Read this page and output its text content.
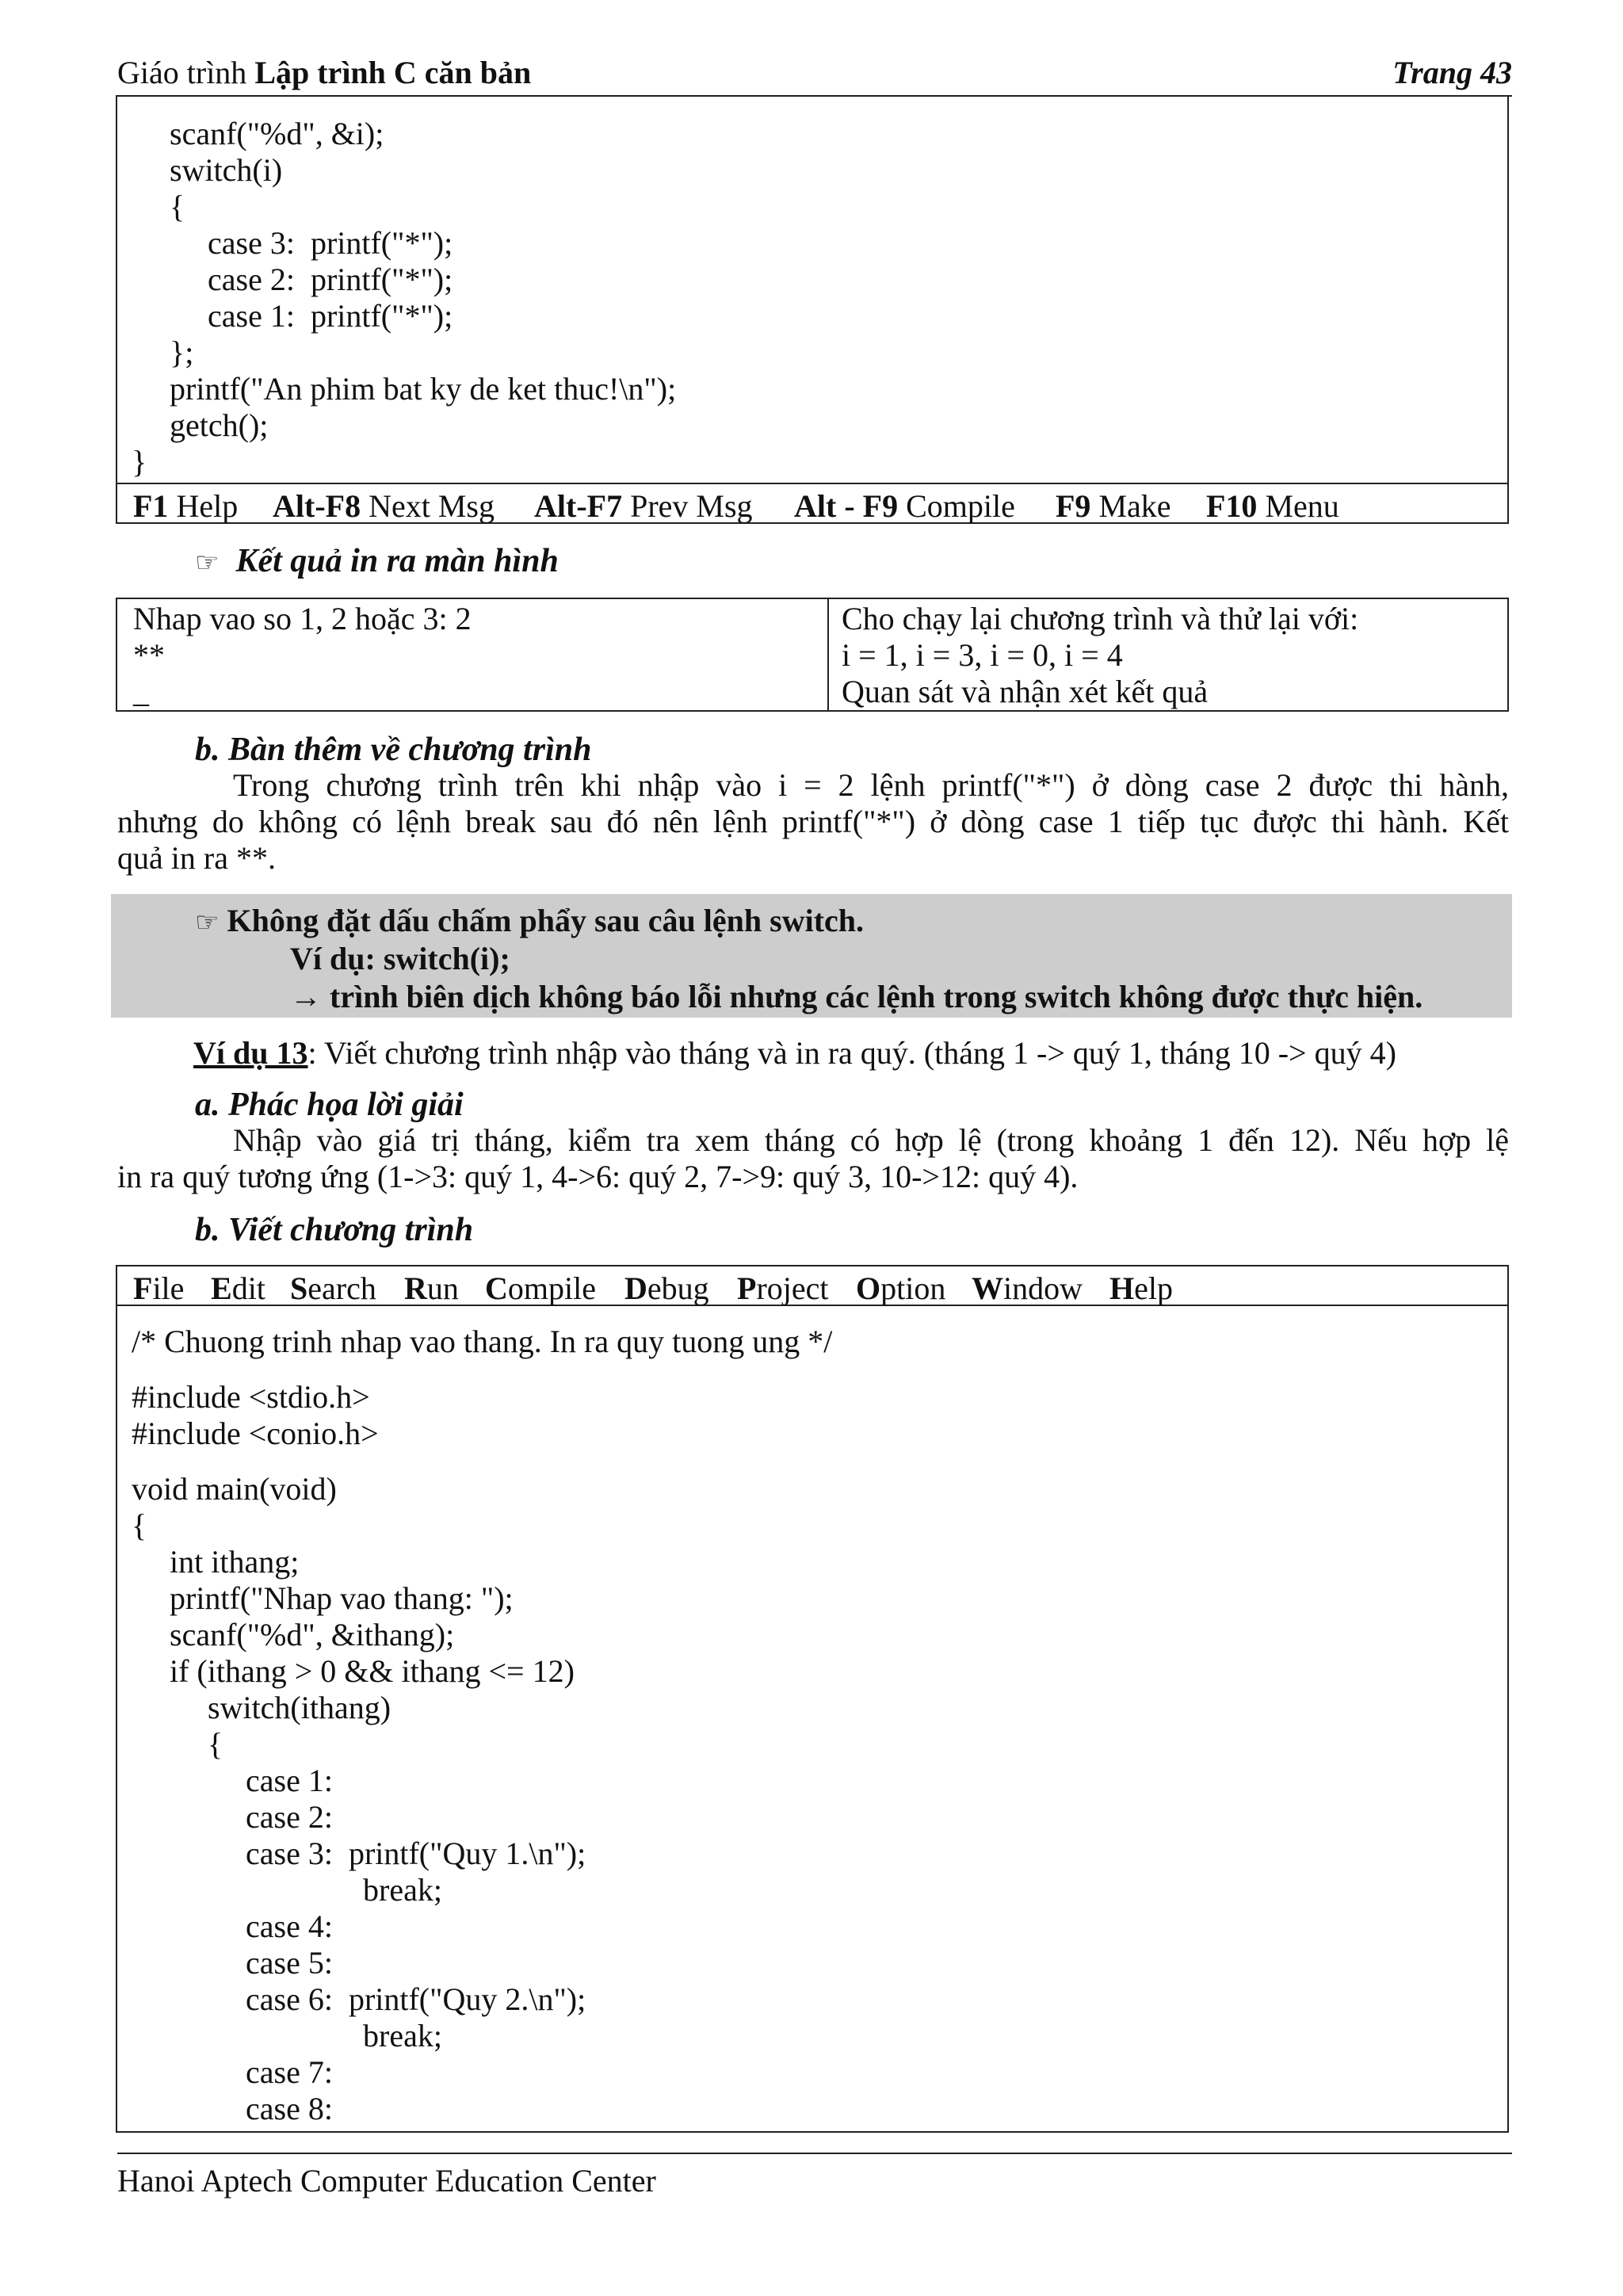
Giáo trình Lập trình C căn bản	Trang 43
scanf("%d", &i);
switch(i)
{
case 3:  printf("*");
case 2:  printf("*");
case 1:  printf("*");
};
printf("An phim bat ky de ket thuc!\n");
getch();
}
F1 Help Alt-F8 Next Msg Alt-F7 Prev Msg Alt - F9 Compile F9 Make F10 Menu
☞ Kết quả in ra màn hình
Nhap vao so 1, 2 hoặc 3: 2
**
_
Cho chạy lại chương trình và thử lại với:
i = 1, i = 3, i = 0, i = 4
Quan sát và nhận xét kết quả
b. Bàn thêm về chương trình
Trong chương trình trên khi nhập vào i = 2 lệnh printf("*") ở dòng case 2 được thi hành,
nhưng do không có lệnh break sau đó nên lệnh printf("*") ở dòng case 1 tiếp tục được thi hành. Kết
quả in ra **.
☞ Không đặt dấu chấm phẩy sau câu lệnh switch.
Ví dụ: switch(i);
→ trình biên dịch không báo lỗi nhưng các lệnh trong switch không được thực hiện.
Ví dụ 13: Viết chương trình nhập vào tháng và in ra quý. (tháng 1 -> quý 1, tháng 10 -> quý 4)
a. Phác họa lời giải
Nhập vào giá trị tháng, kiểm tra xem tháng có hợp lệ (trong khoảng 1 đến 12). Nếu hợp lệ
in ra quý tương ứng (1->3: quý 1, 4->6: quý 2, 7->9: quý 3, 10->12: quý 4).
b. Viết chương trình
File Edit Search Run Compile Debug Project Option Window Help
/* Chuong trinh nhap vao thang. In ra quy tuong ung */
#include <stdio.h>
#include <conio.h>
void main(void)
{
int ithang;
printf("Nhap vao thang: ");
scanf("%d", &ithang);
if (ithang > 0 && ithang <= 12)
switch(ithang)
{
case 1:
case 2:
case 3:  printf("Quy 1.\n");
break;
case 4:
case 5:
case 6:  printf("Quy 2.\n");
break;
case 7:
case 8:
Hanoi Aptech Computer Education Center
